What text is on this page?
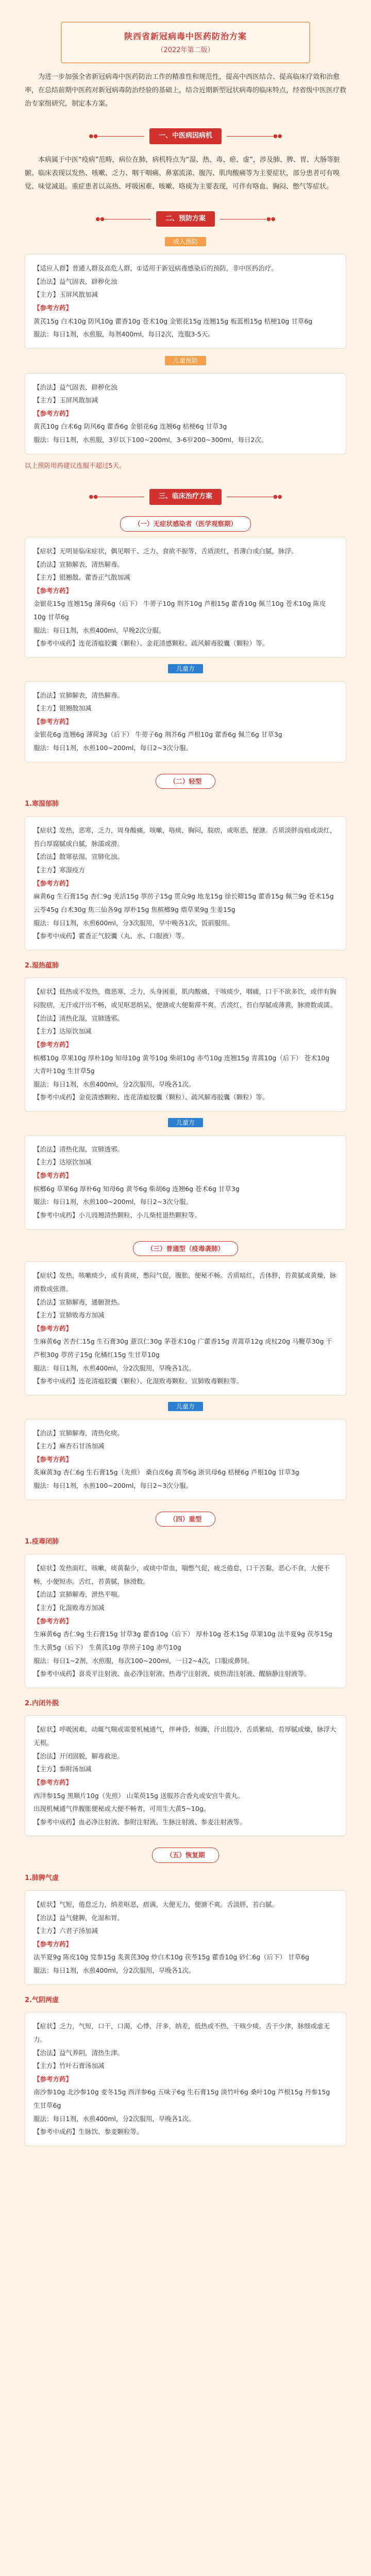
陕西省新冠病毒中医药防治方案
（2022年第二版）

为进一步加强全省新冠病毒中医药防治工作的精准性和规范性，提高中西医结合、提高临床疗效和治愈率，在总结前期中医药对新冠病毒防治经验的基础上，结合近期新型冠状病毒的临床特点，经省级中医医疗救治专家组研究，制定本方案。

●●	一、中医病因病机	●●

本病属于中医“疫病”范畴，病位在肺，病机特点为“湿、热、毒、瘀、虚”，涉及肺、脾、胃、大肠等脏腑。临床表现以发热、咳嗽、乏力、咽干咽痛、鼻塞流涕、腹泻、肌肉酸痛等为主要症状，部分患者可有嗅觉、味觉减退。重症患者以高热、呼吸困难、咳嗽、咯痰为主要表现，可伴有咯血、胸闷、憋气等症状。

●●	二、预防方案	●●
成人预防

【适应人群】普通人群及高危人群，①适用于新冠病毒感染后的预防，非中医药治疗。

【治法】益气固表，辟秽化浊

【主方】玉屏风散加减

【参考方药】

黄芪15g 白术10g 防风10g 藿香10g 苍术10g 金银花15g 连翘15g 板蓝根15g 桔梗10g 甘草6g

服法：每日1剂，水煎服，每剂400ml，每日2次，连服3-5天。

儿童预防

【治法】益气固表，辟秽化浊

【主方】玉屏风散加减

【参考方药】

黄芪10g 白术6g 防风6g 藿香6g 金银花6g 连翘6g 桔梗6g 甘草3g

服法：每日1剂，水煎服，3岁以下100~200ml，3-6岁200~300ml，每日2次。

以上预防用药建议连服不超过5天。

●●	三、临床治疗方案	●●
（一）无症状感染者（医学观察期）

【症状】无明显临床症状，偶见咽干、乏力、食欲不振等，舌质淡红，苔薄白或白腻，脉浮。

【治法】宣肺解表，清热解毒。

【主方】银翘散、藿香正气散加减

【参考方药】

金银花15g 连翘15g 薄荷6g（后下） 牛蒡子10g 荆芥10g 芦根15g 藿香10g 佩兰10g 苍术10g 陈皮10g 甘草6g

服法：每日1剂，水煎400ml，早晚2次分服。

【参考中成药】连花清瘟胶囊（颗粒）、金花清感颗粒、疏风解毒胶囊（颗粒）等。

儿童方

【治法】宣肺解表，清热解毒。

【主方】银翘散加减

【参考方药】

金银花6g 连翘6g 薄荷3g（后下） 牛蒡子6g 荆芥6g 芦根10g 藿香6g 佩兰6g 甘草3g

服法：每日1剂，水煎100~200ml，每日2~3次分服。

（二）轻型

1.寒湿郁肺

【症状】发热，恶寒，乏力，周身酸痛，咳嗽，咯痰，胸闷，脘痞，或呕恶，便溏。舌质淡胖齿痕或淡红，苔白厚腐腻或白腻，脉濡或滑。

【治法】散寒祛湿，宣肺化浊。

【主方】寒湿疫方

【参考方药】

麻黄6g 生石膏15g 杏仁9g 羌活15g 葶苈子15g 贯众9g 地龙15g 徐长卿15g 藿香15g 佩兰9g 苍术15g 云苓45g 白术30g 焦三仙各9g 厚朴15g 焦槟榔9g 煨草果9g 生姜15g

服法：每日1剂，水煎600ml，分3次服用，早中晚各1次，饭前服用。

【参考中成药】藿香正气胶囊（丸、水、口服液）等。

2.湿热蕴肺

【症状】低热或不发热，微恶寒，乏力，头身困重，肌肉酸痛，干咳痰少，咽痛，口干不欲多饮，或伴有胸闷脘痞，无汗或汗出不畅，或见呕恶纳呆，便溏或大便黏滞不爽。舌淡红，苔白厚腻或薄黄，脉滑数或濡。

【治法】清热化湿，宣肺透邪。

【主方】达原饮加减

【参考方药】

槟榔10g 草果10g 厚朴10g 知母10g 黄芩10g 柴胡10g 赤芍10g 连翘15g 青蒿10g（后下） 苍术10g 大青叶10g 生甘草5g

服法：每日1剂，水煎400ml，分2次服用，早晚各1次。

【参考中成药】金花清感颗粒、连花清瘟胶囊（颗粒）、疏风解毒胶囊（颗粒）等。

儿童方

【治法】清热化湿，宣肺透邪。

【主方】达原饮加减

【参考方药】

槟榔6g 草果6g 厚朴6g 知母6g 黄芩6g 柴胡6g 连翘6g 苍术6g 甘草3g

服法：每日1剂，水煎100~200ml，每日2~3次分服。

【参考中成药】小儿豉翘清热颗粒、小儿柴桂退热颗粒等。

（三）普通型（疫毒袭肺）

【症状】发热，咳嗽痰少，或有黄痰，憋闷气促，腹胀，便秘不畅。舌质暗红，舌体胖，苔黄腻或黄燥，脉滑数或弦滑。

【治法】宣肺解毒，通腑泄热。

【主方】宣肺败毒方加减

【参考方药】

生麻黄6g 苦杏仁15g 生石膏30g 薏苡仁30g 茅苍术10g 广藿香15g 青蒿草12g 虎杖20g 马鞭草30g 干芦根30g 葶苈子15g 化橘红15g 生甘草10g

服法：每日1剂，水煎400ml，分2次服用，早晚各1次。

【参考中成药】连花清瘟胶囊（颗粒）、化湿败毒颗粒、宣肺败毒颗粒等。

儿童方

【治法】宣肺解毒，清热化痰。

【主方】麻杏石甘汤加减

【参考方药】

炙麻黄3g 杏仁6g 生石膏15g（先煎） 桑白皮6g 黄芩6g 浙贝母6g 桔梗6g 芦根10g 甘草3g

服法：每日1剂，水煎100~200ml，每日2~3次分服。

（四）重型

1.疫毒闭肺

【症状】发热面红，咳嗽，痰黄黏少，或痰中带血，喘憋气促，疲乏倦怠，口干苦黏，恶心不食，大便不畅，小便短赤。舌红，苔黄腻，脉滑数。

【治法】宣肺解毒，泄热平喘。

【主方】化湿败毒方加减

【参考方药】

生麻黄6g 杏仁9g 生石膏15g 甘草3g 藿香10g（后下） 厚朴10g 苍术15g 草果10g 法半夏9g 茯苓15g 生大黄5g（后下） 生黄芪10g 葶苈子10g 赤芍10g

服法：每日1~2剂，水煎服，每次100~200ml，一日2~4次，口服或鼻饲。

【参考中成药】喜炎平注射液、血必净注射液、热毒宁注射液、痰热清注射液、醒脑静注射液等。

2.内闭外脱

【症状】呼吸困难，动辄气喘或需要机械通气，伴神昏，烦躁，汗出肢冷，舌质紫暗，苔厚腻或燥，脉浮大无根。

【治法】开闭固脱，解毒救逆。

【主方】参附汤加减

【参考方药】

西洋参15g 黑顺片10g（先煎） 山茱萸15g 送服苏合香丸或安宫牛黄丸。

出现机械通气伴腹胀便秘或大便不畅者，可用生大黄5~10g。

【参考中成药】血必净注射液、参附注射液、生脉注射液、参麦注射液等。

（五）恢复期

1.肺脾气虚

【症状】气短，倦怠乏力，纳差呕恶，痞满，大便无力，便溏不爽。舌淡胖，苔白腻。

【治法】益气健脾，化湿和胃。

【主方】六君子汤加减

【参考方药】

法半夏9g 陈皮10g 党参15g 炙黄芪30g 炒白术10g 茯苓15g 藿香10g 砂仁6g（后下） 甘草6g

服法：每日1剂，水煎400ml，分2次服用，早晚各1次。

2.气阴两虚

【症状】乏力，气短，口干，口渴，心悸，汗多，纳差，低热或不热，干咳少痰。舌干少津，脉细或虚无力。

【治法】益气养阴，清热生津。

【主方】竹叶石膏汤加减

【参考方药】

南沙参10g 北沙参10g 麦冬15g 西洋参6g 五味子6g 生石膏15g 淡竹叶6g 桑叶10g 芦根15g 丹参15g 生甘草6g

服法：每日1剂，水煎400ml，分2次服用，早晚各1次。

【参考中成药】生脉饮、参麦颗粒等。
